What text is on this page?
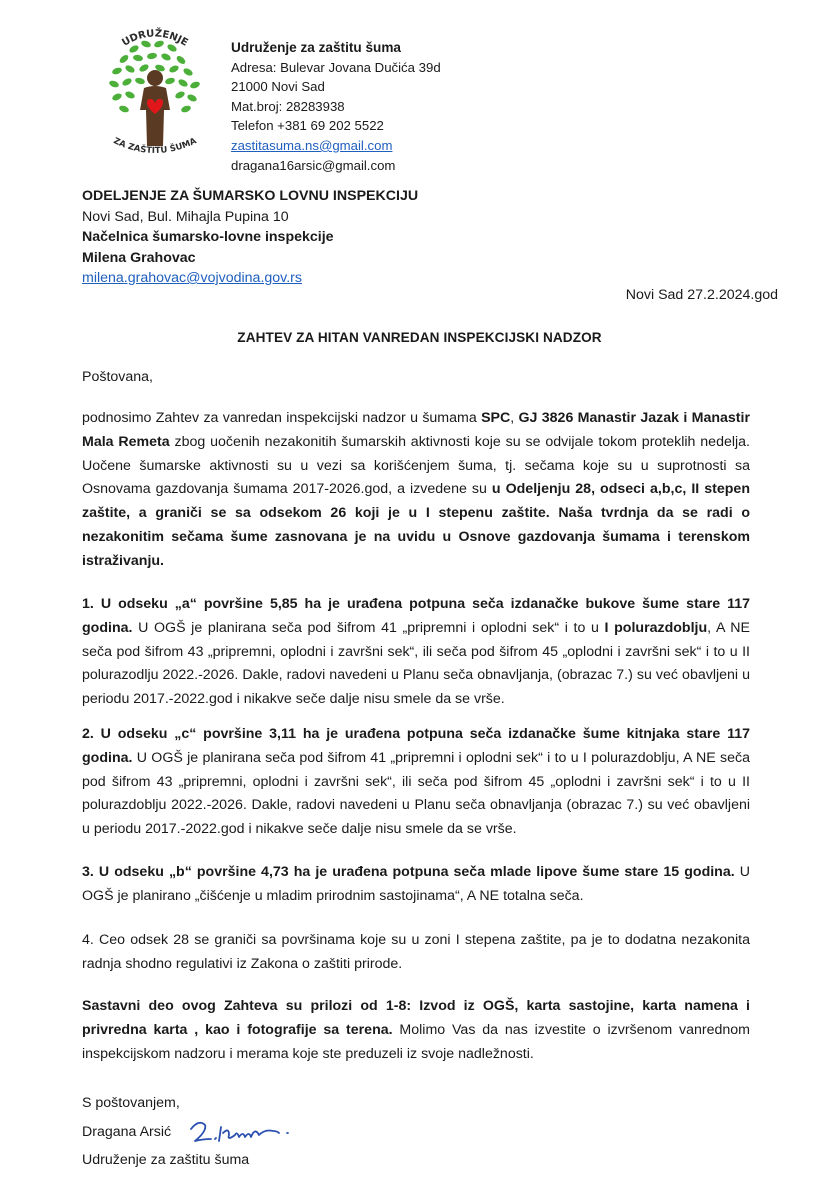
UDRUŽENJE
ZA ZAŠTITU ŠUMA
Udruženje za zaštitu šuma
Adresa: Bulevar Jovana Dučića 39d
21000 Novi Sad
Mat.broj: 28283938
Telefon +381 69 202 5522
zastitasuma.ns@gmail.com
dragana16arsic@gmail.com
ODELJENJE ZA ŠUMARSKO LOVNU INSPEKCIJU
Novi Sad, Bul. Mihajla Pupina 10
Načelnica šumarsko-lovne inspekcije
Milena Grahovac
milena.grahovac@vojvodina.gov.rs
Novi Sad 27.2.2024.god
ZAHTEV ZA HITAN VANREDAN INSPEKCIJSKI NADZOR
Poštovana,
podnosimo Zahtev za vanredan inspekcijski nadzor u šumama SPC, GJ 3826 Manastir Jazak i Manastir Mala Remeta zbog uočenih nezakonitih šumarskih aktivnosti koje su se odvijale tokom proteklih nedelja. Uočene šumarske aktivnosti su u vezi sa korišćenjem šuma, tj. sečama koje su u suprotnosti sa Osnovama gazdovanja šumama 2017-2026.god, a izvedene su u Odeljenju 28, odseci a,b,c, II stepen zaštite, a graniči se sa odsekom 26 koji je u I stepenu zaštite. Naša tvrdnja da se radi o nezakonitim sečama šume zasnovana je na uvidu u Osnove gazdovanja šumama i terenskom istraživanju.
1. U odseku „a“ površine 5,85 ha je urađena potpuna seča izdanačke bukove šume stare 117 godina. U OGŠ je planirana seča pod šifrom 41 „pripremni i oplodni sek“ i to u I polurazdoblju, A NE seča pod šifrom 43 „pripremni, oplodni i završni sek“, ili seča pod šifrom 45 „oplodni i završni sek“ i to u II polurazodlju 2022.-2026. Dakle, radovi navedeni u Planu seča obnavljanja, (obrazac 7.) su već obavljeni u periodu 2017.-2022.god i nikakve seče dalje nisu smele da se vrše.
2. U odseku „c“ površine 3,11 ha je urađena potpuna seča izdanačke šume kitnjaka stare 117 godina. U OGŠ je planirana seča pod šifrom 41 „pripremni i oplodni sek“ i to u I polurazdoblju, A NE seča pod šifrom 43 „pripremni, oplodni i završni sek“, ili seča pod šifrom 45 „oplodni i završni sek“ i to u II polurazdoblju 2022.-2026. Dakle, radovi navedeni u Planu seča obnavljanja (obrazac 7.) su već obavljeni u periodu 2017.-2022.god i nikakve seče dalje nisu smele da se vrše.
3. U odseku „b“ površine 4,73 ha je urađena potpuna seča mlade lipove šume stare 15 godina. U OGŠ je planirano „čišćenje u mladim prirodnim sastojinama“, A NE totalna seča.
4. Ceo odsek 28 se graniči sa površinama koje su u zoni I stepena zaštite, pa je to dodatna nezakonita radnja shodno regulativi iz Zakona o zaštiti prirode.
Sastavni deo ovog Zahteva su prilozi od 1-8: Izvod iz OGŠ, karta sastojine, karta namena i privredna karta , kao i fotografije sa terena. Molimo Vas da nas izvestite o izvršenom vanrednom inspekcijskom nadzoru i merama koje ste preduzeli iz svoje nadležnosti.
S poštovanjem,
Dragana Arsić
Udruženje za zaštitu šuma
